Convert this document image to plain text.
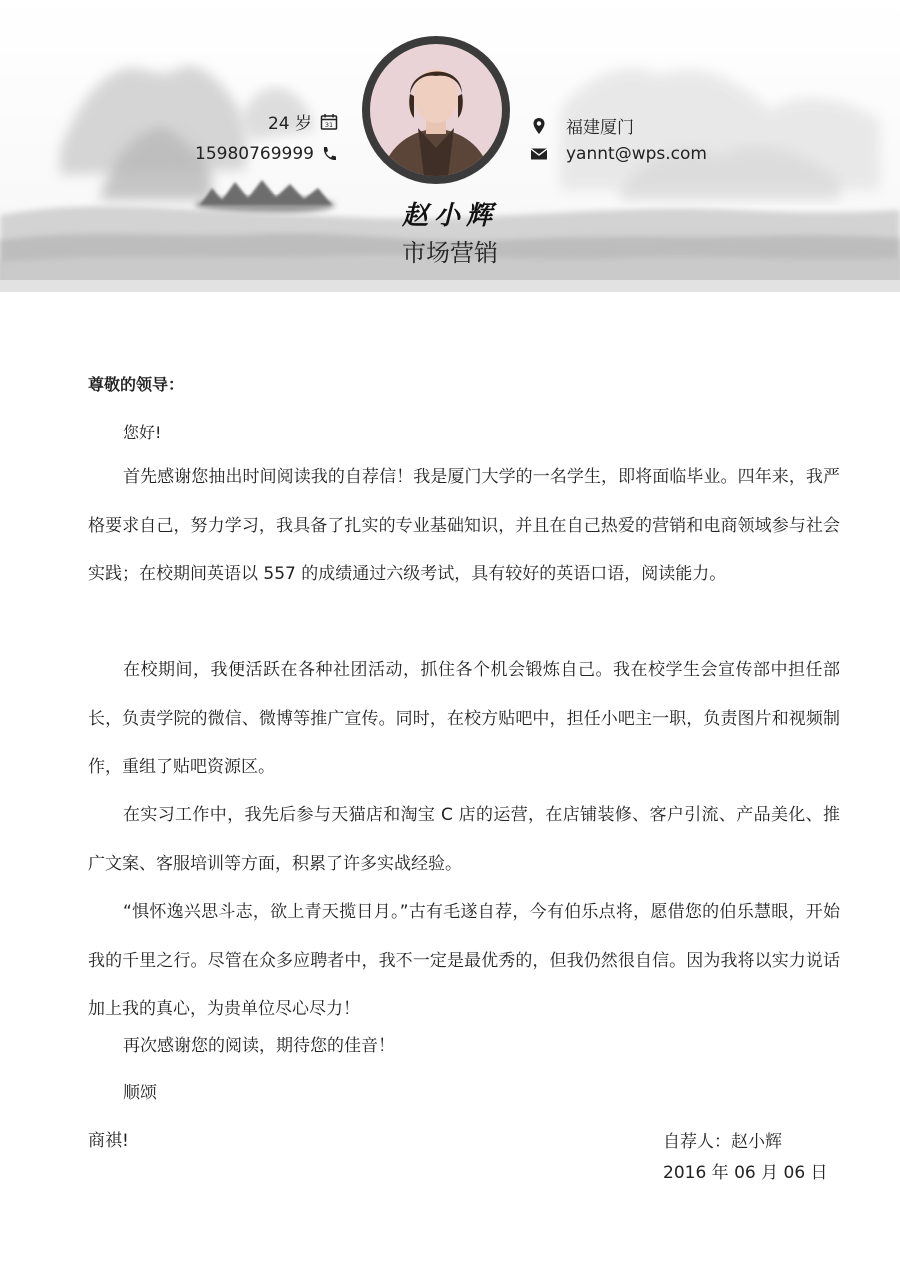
24 岁 31
15980769999
福建厦门
yannt@wps.com
赵小辉
市场营销
尊敬的领导：
您好!

首先感谢您抽出时间阅读我的自荐信！我是厦门大学的一名学生，即将面临毕业。四年来，我严格要求自己，努力学习，我具备了扎实的专业基础知识，并且在自己热爱的营销和电商领域参与社会实践；在校期间英语以 557 的成绩通过六级考试，具有较好的英语口语，阅读能力。

在校期间，我便活跃在各种社团活动，抓住各个机会锻炼自己。我在校学生会宣传部中担任部长，负责学院的微信、微博等推广宣传。同时，在校方贴吧中，担任小吧主一职，负责图片和视频制作，重组了贴吧资源区。

在实习工作中，我先后参与天猫店和淘宝 C 店的运营，在店铺装修、客户引流、产品美化、推广文案、客服培训等方面，积累了许多实战经验。

“惧怀逸兴思斗志，欲上青天揽日月。”古有毛遂自荐，今有伯乐点将，愿借您的伯乐慧眼，开始我的千里之行。尽管在众多应聘者中，我不一定是最优秀的，但我仍然很自信。因为我将以实力说话加上我的真心，为贵单位尽心尽力！

再次感谢您的阅读，期待您的佳音！
顺颂
商祺!	自荐人：赵小辉
2016 年 06 月 06 日
